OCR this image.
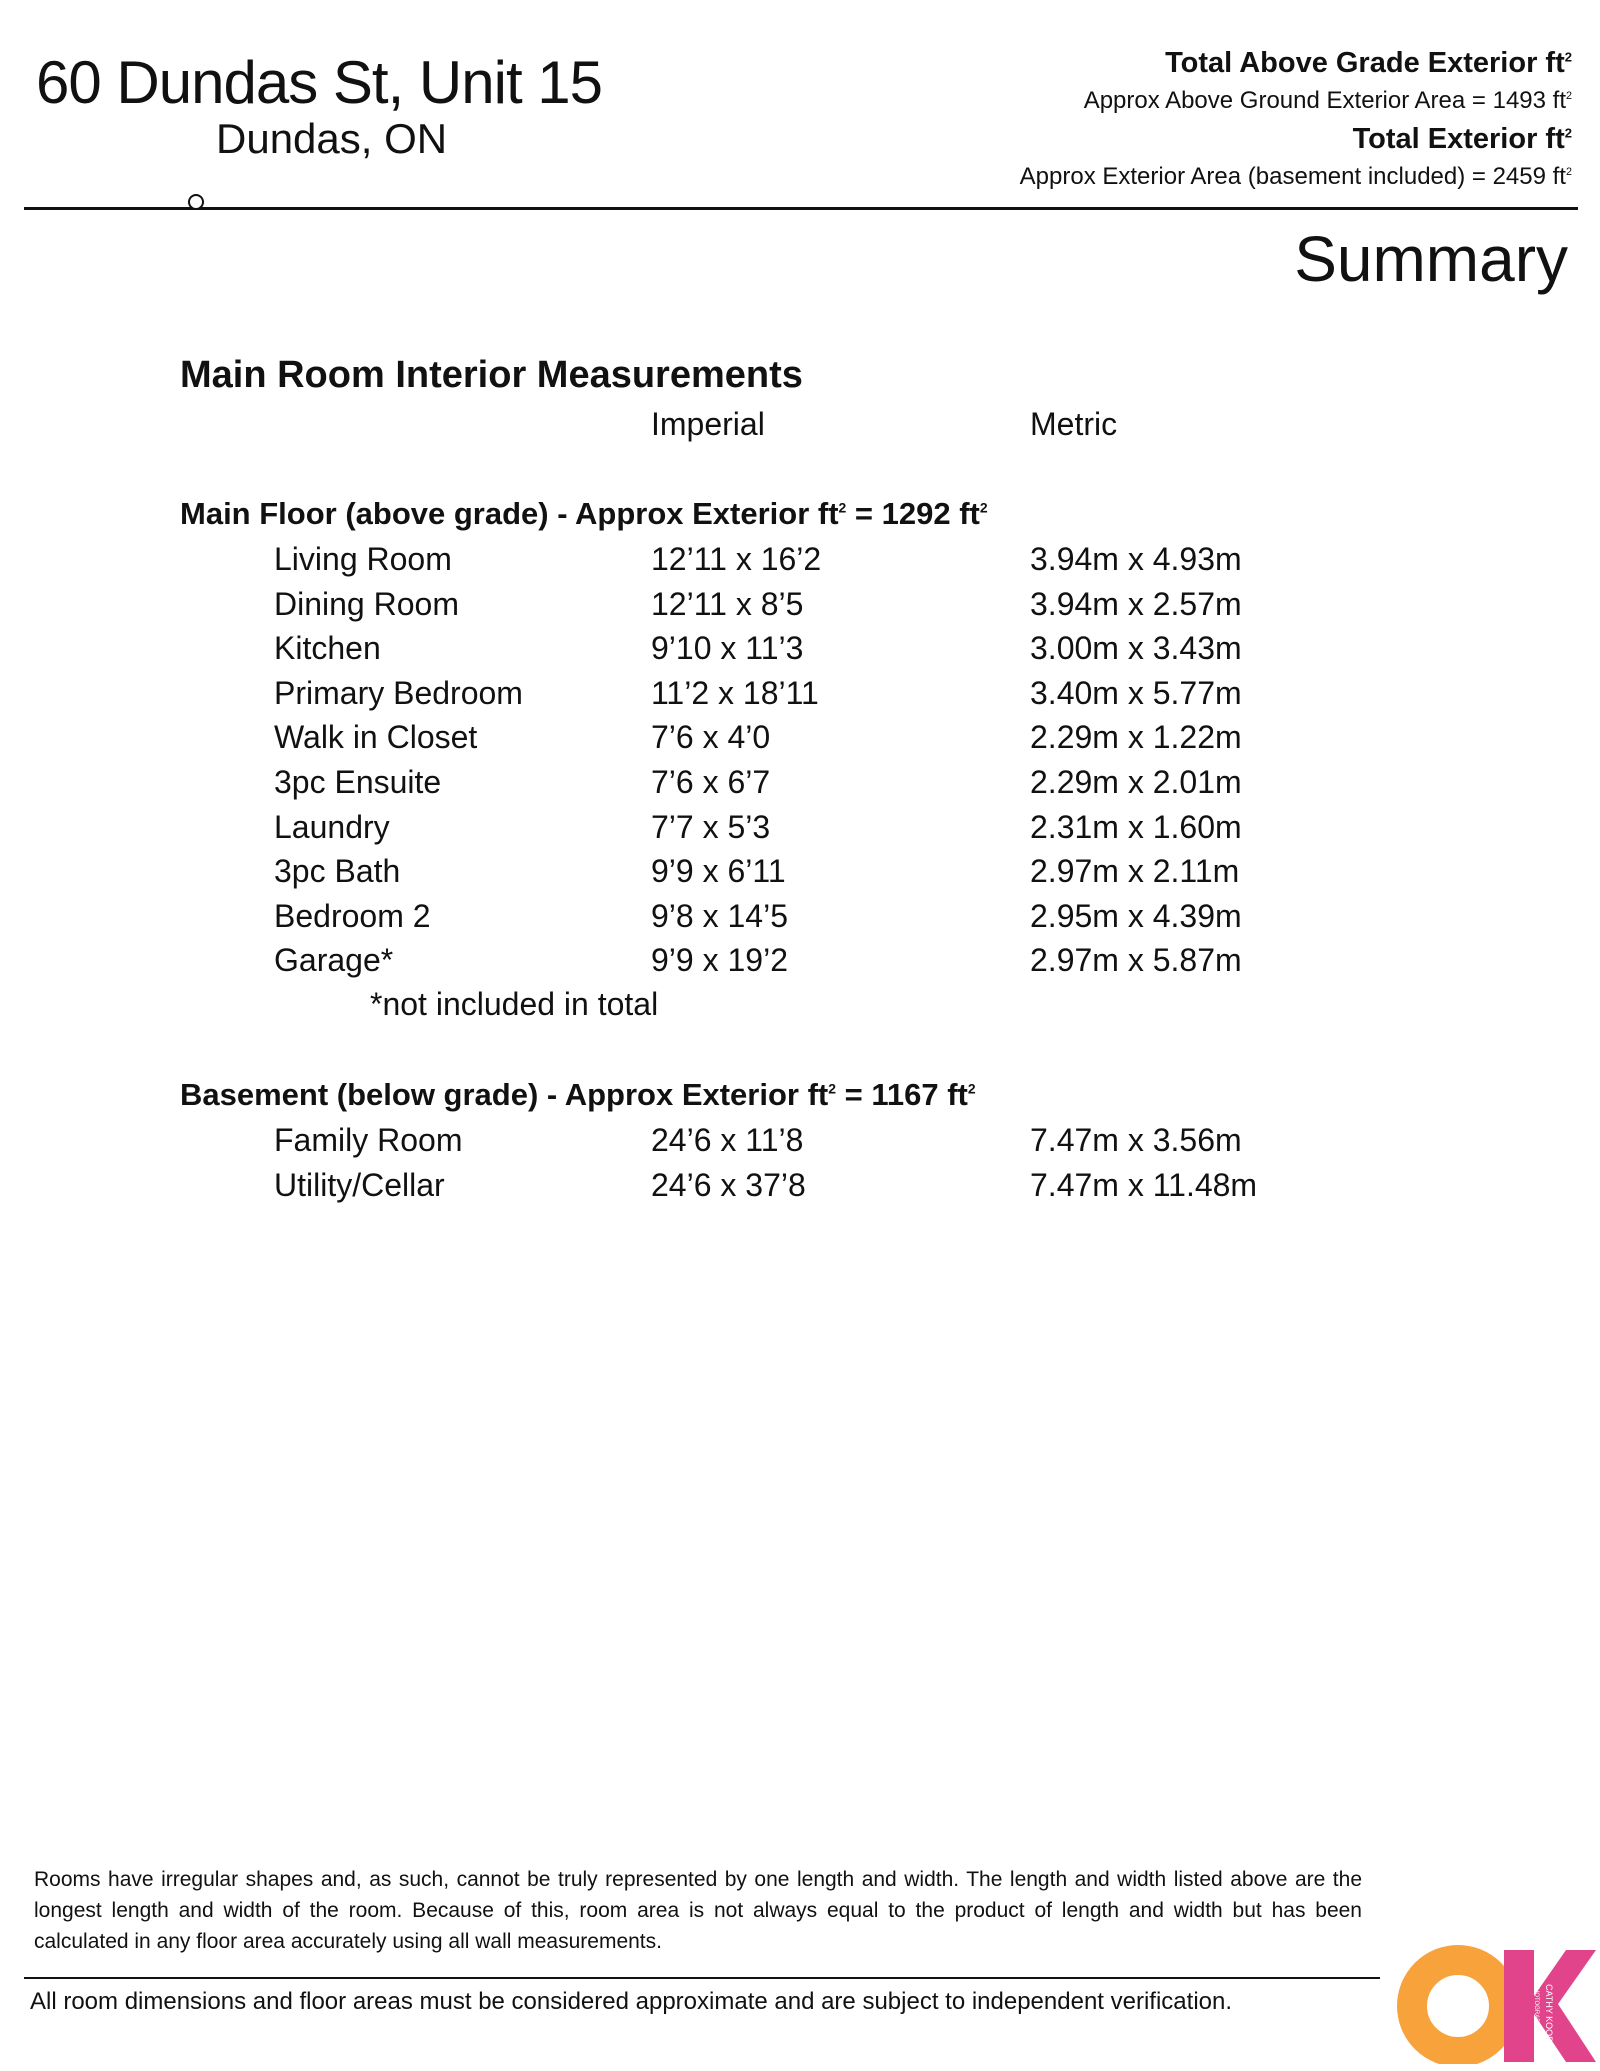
60 Dundas St, Unit 15
Dundas, ON
Total Above Grade Exterior $ft^2$
Approx Above Ground Exterior Area = 1493 $ft^2$
Total Exterior $ft^2$
Approx Exterior Area (basement included) = 2459 $ft^2$
Summary
Main Room Interior Measurements
Imperial	Metric
Main Floor (above grade) - Approx Exterior $ft^2 = 1292$ $ft^2$
Living Room	12’11 x 16’2	3.94m x 4.93m
Dining Room	12’11 x 8’5	3.94m x 2.57m
Kitchen	9’10 x 11’3	3.00m x 3.43m
Primary Bedroom	11’2 x 18’11	3.40m x 5.77m
Walk in Closet	7’6 x 4’0	2.29m x 1.22m
3pc Ensuite	7’6 x 6’7	2.29m x 2.01m
Laundry	7’7 x 5’3	2.31m x 1.60m
3pc Bath	9’9 x 6’11	2.97m x 2.11m
Bedroom 2	9’8 x 14’5	2.95m x 4.39m
Garage*	9’9 x 19’2	2.97m x 5.87m
*not included in total
Basement (below grade) - Approx Exterior $ft^2 = 1167$ $ft^2$
Family Room	24’6 x 11’8	7.47m x 3.56m
Utility/Cellar	24’6 x 37’8	7.47m x 11.48m
Rooms have irregular shapes and, as such, cannot be truly represented by one length and width. The length and width listed above are the longest length and width of the room. Because of this, room area is not always equal to the product of length and width but has been calculated in any floor area accurately using all wall measurements.
All room dimensions and floor areas must be considered approximate and are subject to independent verification.	CATHY KOOP
PHOTOGRAPHY
